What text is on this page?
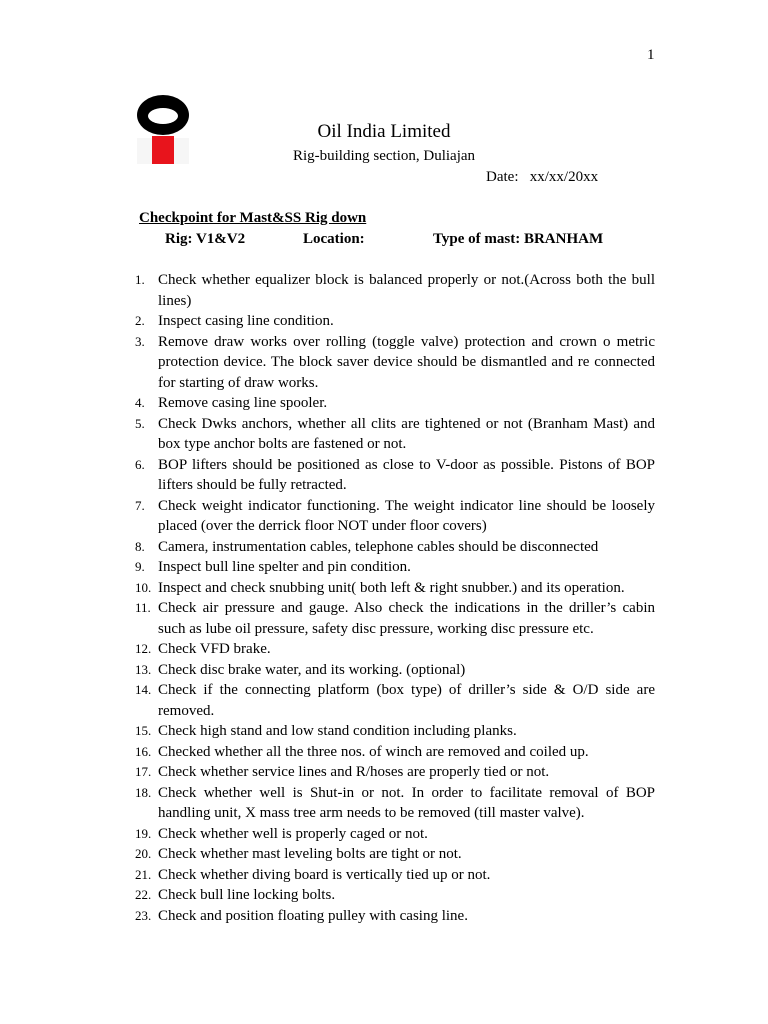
1
Oil India Limited
Rig-building section, Duliajan
Date: xx/xx/20xx
Checkpoint for Mast&SS Rig down
Rig: V1&V2	Location:	Type of mast: BRANHAM
1. Check whether equalizer block is balanced properly or not.(Across both the bull lines)
2. Inspect casing line condition.
3. Remove draw works over rolling (toggle valve) protection and crown o metric protection device. The block saver device should be dismantled and re connected for starting of draw works.
4. Remove casing line spooler.
5. Check Dwks anchors, whether all clits are tightened or not (Branham Mast) and box type anchor bolts are fastened or not.
6. BOP lifters should be positioned as close to V-door as possible. Pistons of BOP lifters should be fully retracted.
7. Check weight indicator functioning. The weight indicator line should be loosely placed (over the derrick floor NOT under floor covers)
8. Camera, instrumentation cables, telephone cables should be disconnected
9. Inspect bull line spelter and pin condition.
10. Inspect and check snubbing unit( both left & right snubber.) and its operation.
11. Check air pressure and gauge. Also check the indications in the driller’s cabin such as lube oil pressure, safety disc pressure, working disc pressure etc.
12. Check VFD brake.
13. Check disc brake water, and its working. (optional)
14. Check if the connecting platform (box type) of driller’s side & O/D side are removed.
15. Check high stand and low stand condition including planks.
16. Checked whether all the three nos. of winch are removed and coiled up.
17. Check whether service lines and R/hoses are properly tied or not.
18. Check whether well is Shut-in or not. In order to facilitate removal of BOP handling unit, X mass tree arm needs to be removed (till master valve).
19. Check whether well is properly caged or not.
20. Check whether mast leveling bolts are tight or not.
21. Check whether diving board is vertically tied up or not.
22. Check bull line locking bolts.
23. Check and position floating pulley with casing line.
